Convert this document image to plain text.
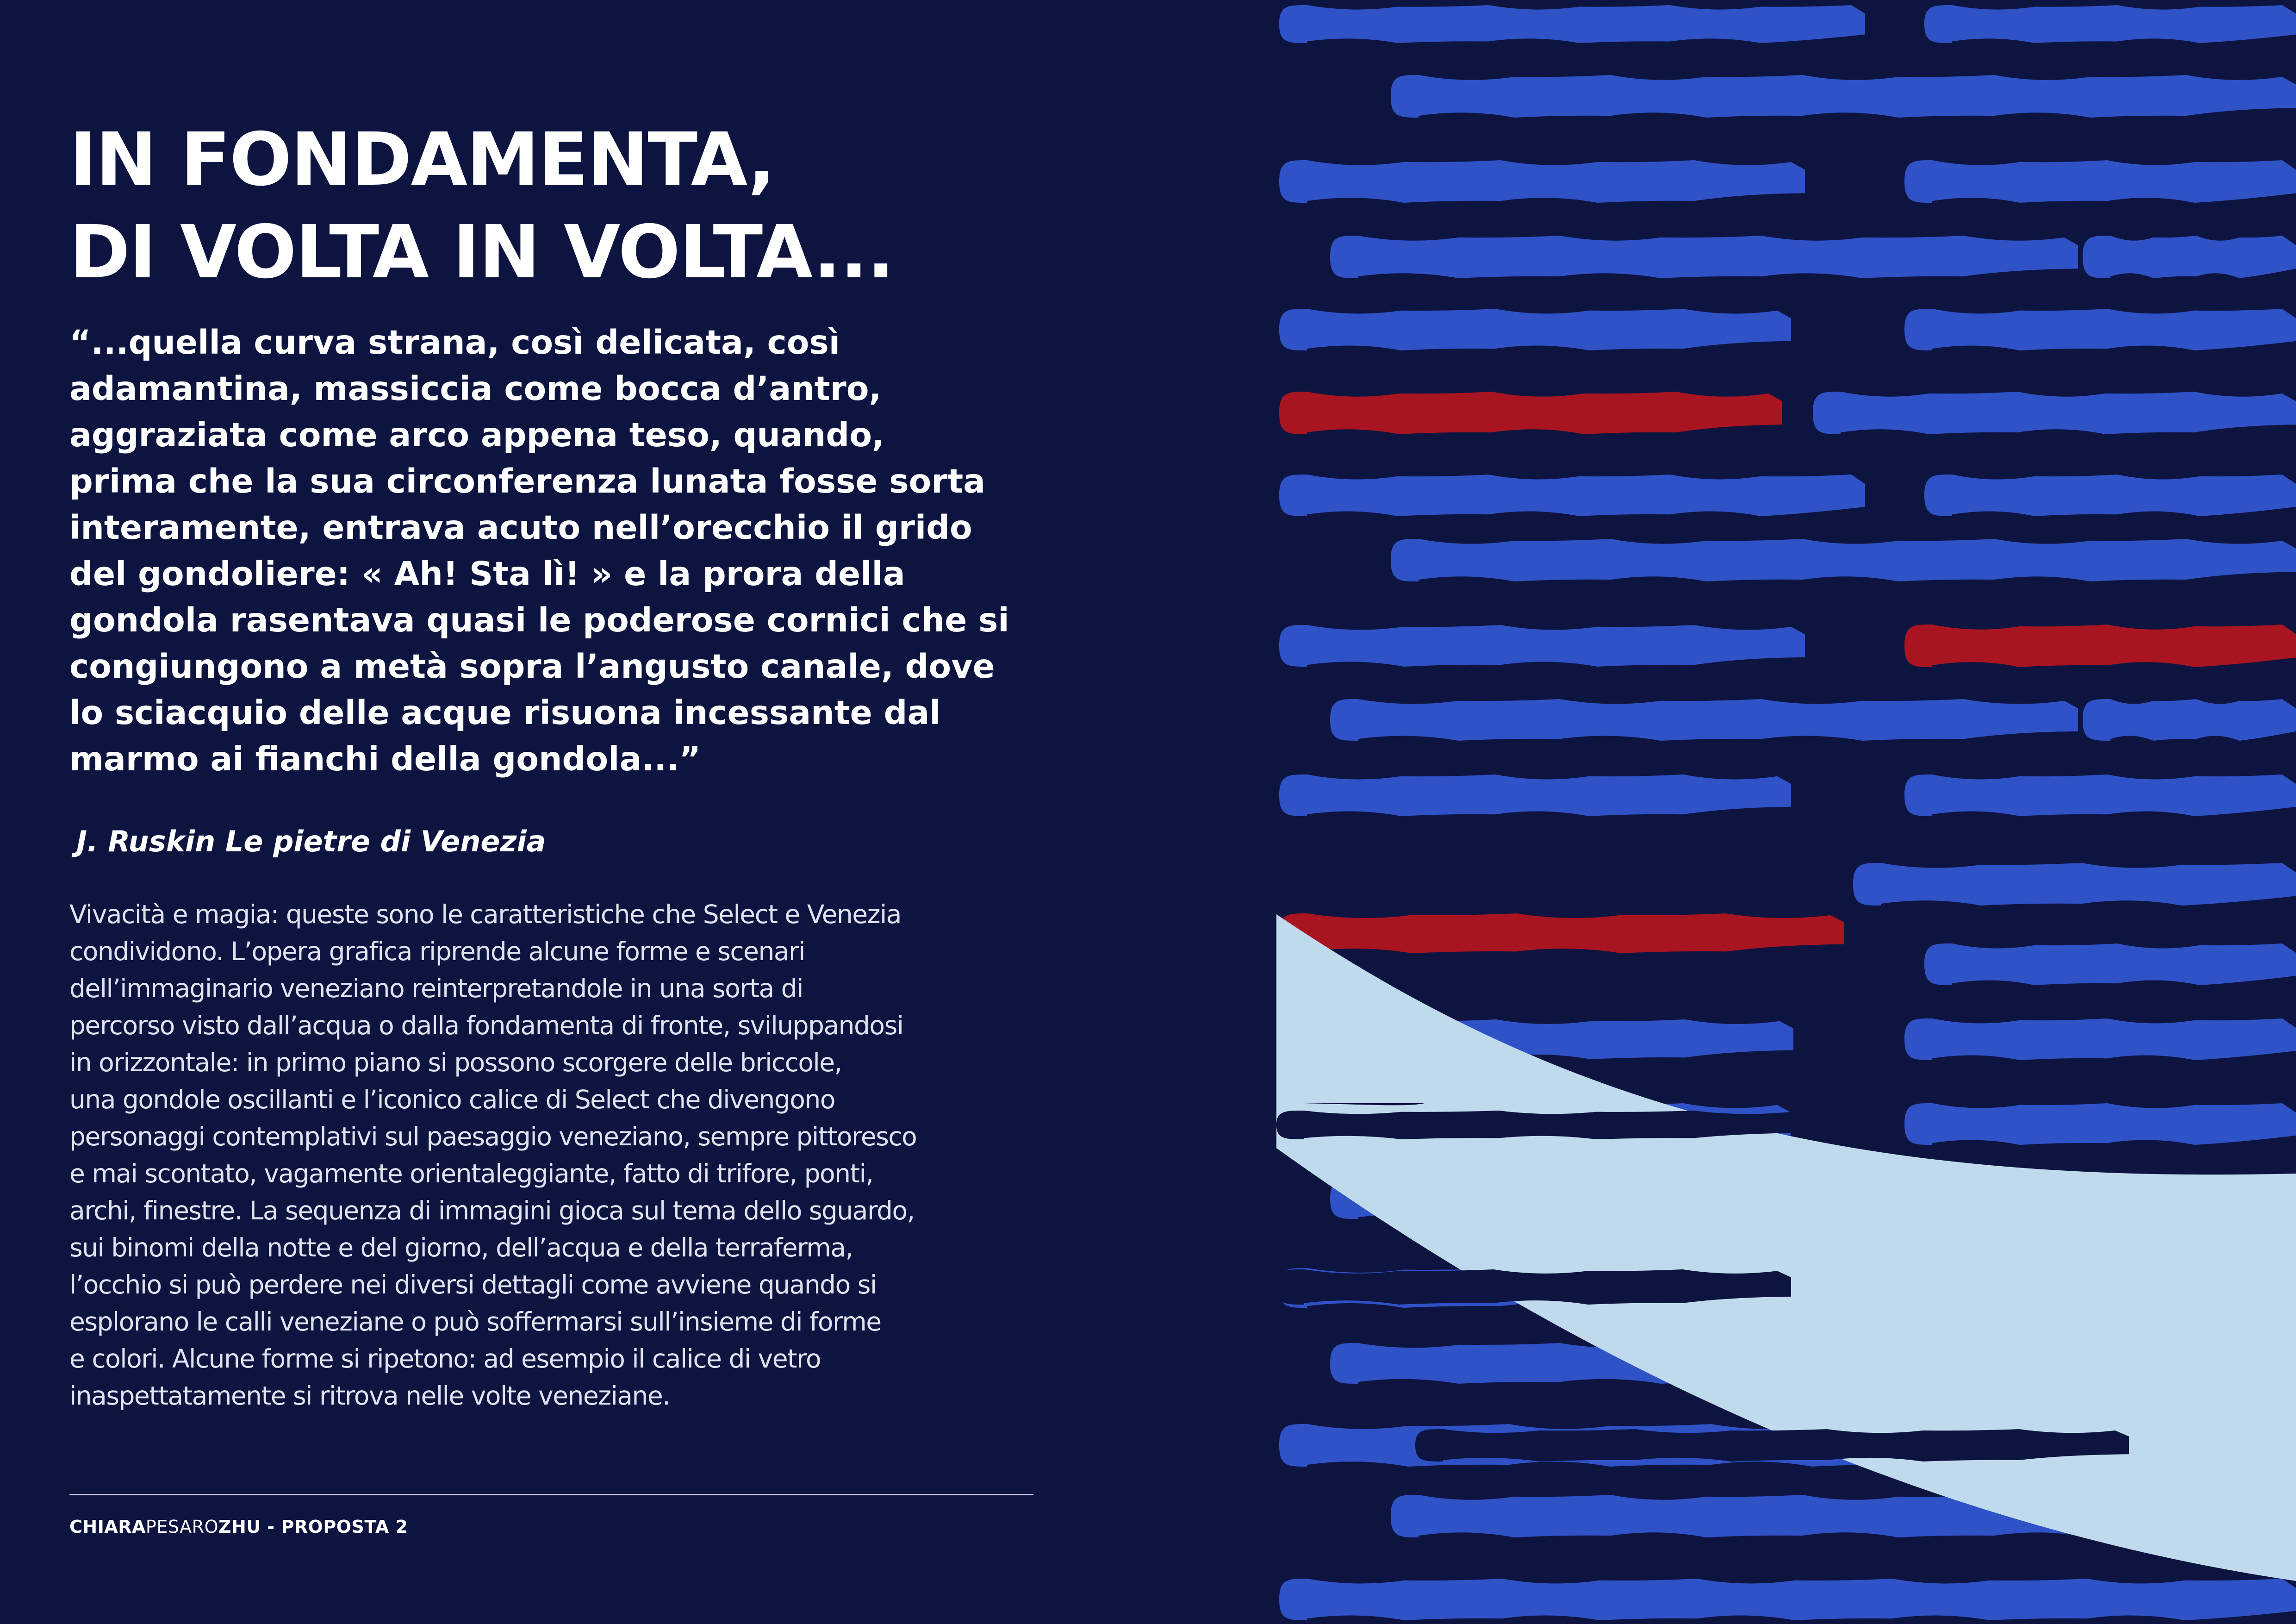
IN FONDAMENTA,
DI VOLTA IN VOLTA...

“...quella curva strana, così delicata, così
adamantina, massiccia come bocca d’antro,
aggraziata come arco appena teso, quando,
prima che la sua circonferenza lunata fosse sorta
interamente, entrava acuto nell’orecchio il grido
del gondoliere: « Ah! Sta lì! » e la prora della
gondola rasentava quasi le poderose cornici che si
congiungono a metà sopra l’angusto canale, dove
lo sciacquio delle acque risuona incessante dal
marmo ai fianchi della gondola...”

J. Ruskin Le pietre di Venezia

Vivacità e magia: queste sono le caratteristiche che Select e Venezia
condividono. L’opera grafica riprende alcune forme e scenari
dell’immaginario veneziano reinterpretandole in una sorta di
percorso visto dall’acqua o dalla fondamenta di fronte, sviluppandosi
in orizzontale: in primo piano si possono scorgere delle briccole,
una gondole oscillanti e l’iconico calice di Select che divengono
personaggi contemplativi sul paesaggio veneziano, sempre pittoresco
e mai scontato, vagamente orientaleggiante, fatto di trifore, ponti,
archi, finestre. La sequenza di immagini gioca sul tema dello sguardo,
sui binomi della notte e del giorno, dell’acqua e della terraferma,
l’occhio si può perdere nei diversi dettagli come avviene quando si
esplorano le calli veneziane o può soffermarsi sull’insieme di forme
e colori. Alcune forme si ripetono: ad esempio il calice di vetro
inaspettatamente si ritrova nelle volte veneziane.

CHIARAPESAROZHU - PROPOSTA 2
